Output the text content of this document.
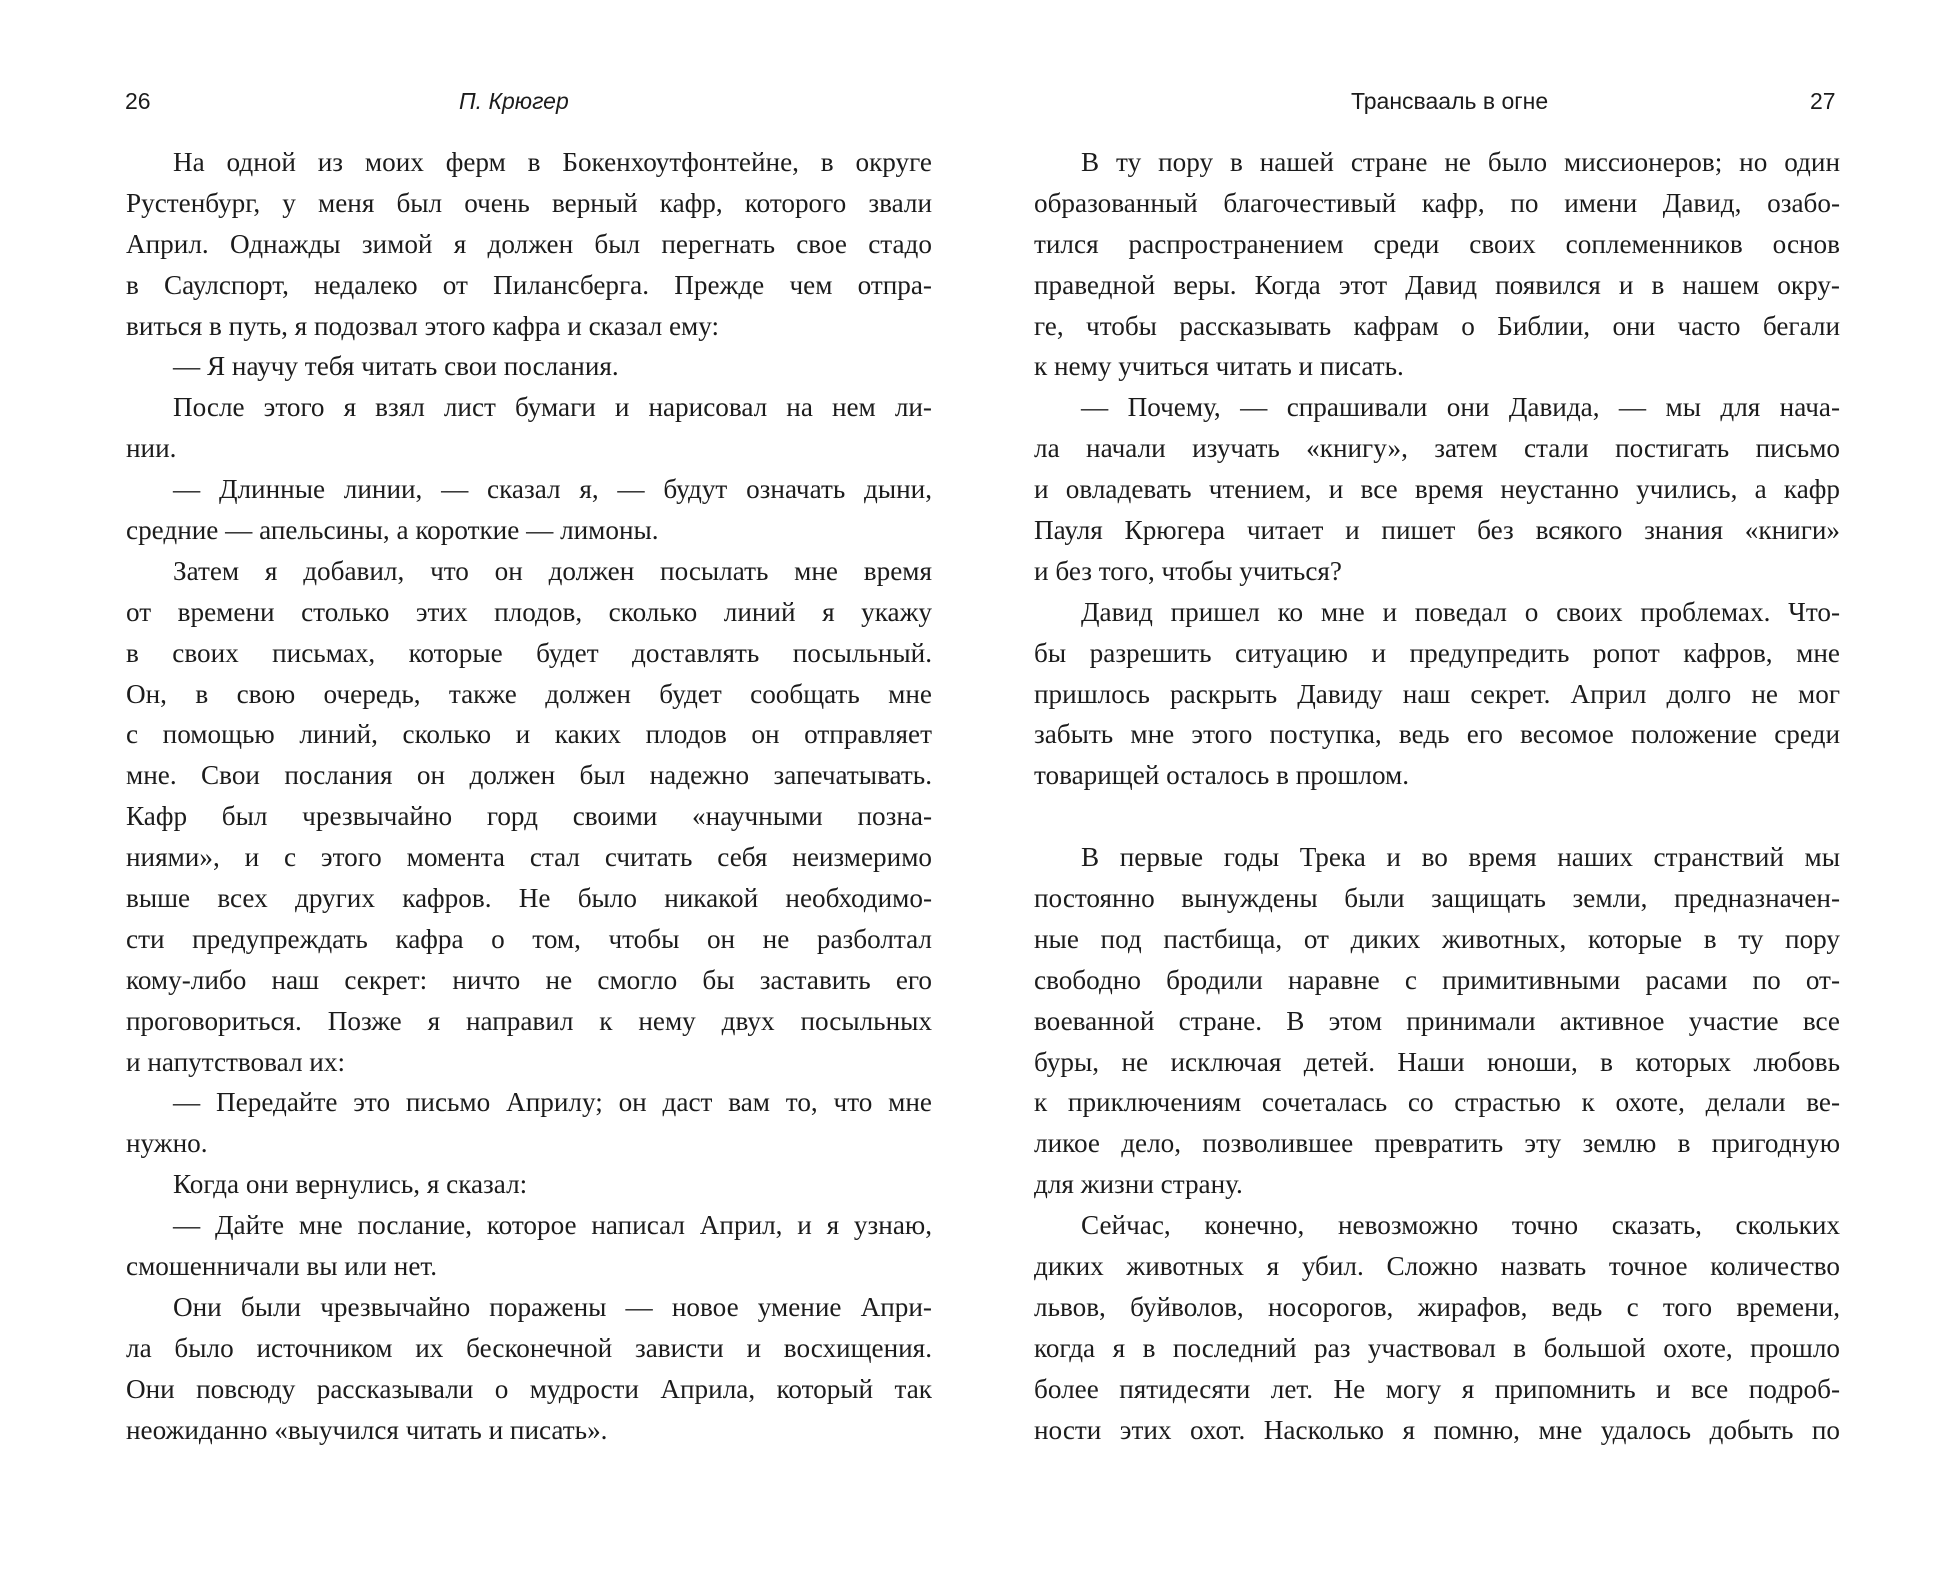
26	П. Крюгер
На одной из моих ферм в Бокенхоутфонтейне, в округе
Рустенбург, у меня был очень верный кафр, которого звали
Април. Однажды зимой я должен был перегнать свое стадо
в Саулспорт, недалеко от Пилансберга. Прежде чем отпра-
виться в путь, я подозвал этого кафра и сказал ему:
— Я научу тебя читать свои послания.
После этого я взял лист бумаги и нарисовал на нем ли-
нии.
— Длинные линии, — сказал я, — будут означать дыни,
средние — апельсины, а короткие — лимоны.
Затем я добавил, что он должен посылать мне время
от времени столько этих плодов, сколько линий я укажу
в своих письмах, которые будет доставлять посыльный.
Он, в свою очередь, также должен будет сообщать мне
с помощью линий, сколько и каких плодов он отправляет
мне. Свои послания он должен был надежно запечатывать.
Кафр был чрезвычайно горд своими «научными позна-
ниями», и с этого момента стал считать себя неизмеримо
выше всех других кафров. Не было никакой необходимо-
сти предупреждать кафра о том, чтобы он не разболтал
кому-либо наш секрет: ничто не смогло бы заставить его
проговориться. Позже я направил к нему двух посыльных
и напутствовал их:
— Передайте это письмо Априлу; он даст вам то, что мне
нужно.
Когда они вернулись, я сказал:
— Дайте мне послание, которое написал Април, и я узнаю,
смошенничали вы или нет.
Они были чрезвычайно поражены — новое умение Апри-
ла было источником их бесконечной зависти и восхищения.
Они повсюду рассказывали о мудрости Априла, который так
неожиданно «выучился читать и писать».
Трансвааль в огне	27
В ту пору в нашей стране не было миссионеров; но один
образованный благочестивый кафр, по имени Давид, озабо-
тился распространением среди своих соплеменников основ
праведной веры. Когда этот Давид появился и в нашем окру-
ге, чтобы рассказывать кафрам о Библии, они часто бегали
к нему учиться читать и писать.
— Почему, — спрашивали они Давида, — мы для нача-
ла начали изучать «книгу», затем стали постигать письмо
и овладевать чтением, и все время неустанно учились, а кафр
Пауля Крюгера читает и пишет без всякого знания «книги»
и без того, чтобы учиться?
Давид пришел ко мне и поведал о своих проблемах. Что-
бы разрешить ситуацию и предупредить ропот кафров, мне
пришлось раскрыть Давиду наш секрет. Април долго не мог
забыть мне этого поступка, ведь его весомое положение среди
товарищей осталось в прошлом.
В первые годы Трека и во время наших странствий мы
постоянно вынуждены были защищать земли, предназначен-
ные под пастбища, от диких животных, которые в ту пору
свободно бродили наравне с примитивными расами по от-
воеванной стране. В этом принимали активное участие все
буры, не исключая детей. Наши юноши, в которых любовь
к приключениям сочеталась со страстью к охоте, делали ве-
ликое дело, позволившее превратить эту землю в пригодную
для жизни страну.
Сейчас, конечно, невозможно точно сказать, скольких
диких животных я убил. Сложно назвать точное количество
львов, буйволов, носорогов, жирафов, ведь с того времени,
когда я в последний раз участвовал в большой охоте, прошло
более пятидесяти лет. Не могу я припомнить и все подроб-
ности этих охот. Насколько я помню, мне удалось добыть по
